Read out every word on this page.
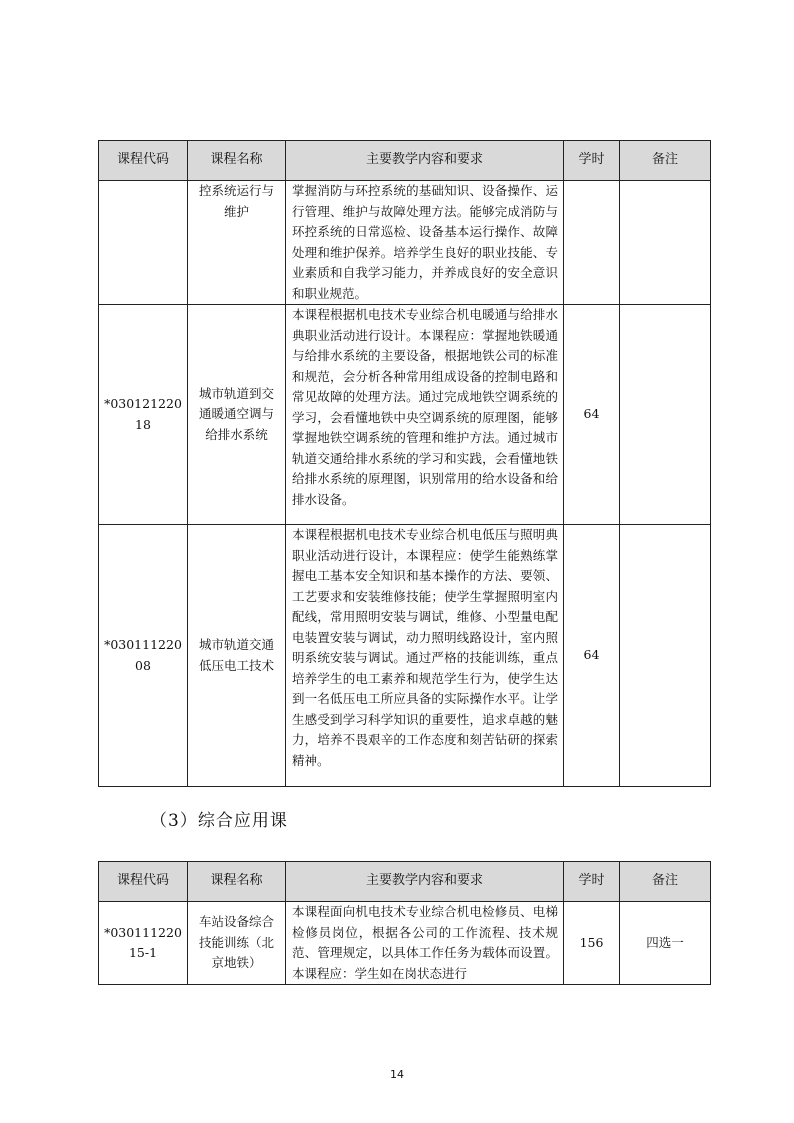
课程代码	课程名称	主要教学内容和要求	学时	备注
	控系统运行与维护	掌握消防与环控系统的基础知识、设备操作、运行管理、维护与故障处理方法。能够完成消防与环控系统的日常巡检、设备基本运行操作、故障处理和维护保养。培养学生良好的职业技能、专业素质和自我学习能力，并养成良好的安全意识和职业规范。		
*03012122018	城市轨道到交通暖通空调与给排水系统	本课程根据机电技术专业综合机电暖通与给排水典职业活动进行设计。本课程应：掌握地铁暖通与给排水系统的主要设备，根据地铁公司的标准和规范，会分析各种常用组成设备的控制电路和常见故障的处理方法。通过完成地铁空调系统的学习，会看懂地铁中央空调系统的原理图，能够掌握地铁空调系统的管理和维护方法。通过城市轨道交通给排水系统的学习和实践，会看懂地铁给排水系统的原理图，识别常用的给水设备和给排水设备。	64	
*03011122008	城市轨道交通低压电工技术	本课程根据机电技术专业综合机电低压与照明典职业活动进行设计，本课程应：使学生能熟练掌握电工基本安全知识和基本操作的方法、要领、工艺要求和安装维修技能；使学生掌握照明室内配线，常用照明安装与调试，维修、小型量电配电装置安装与调试，动力照明线路设计，室内照明系统安装与调试。通过严格的技能训练，重点培养学生的电工素养和规范学生行为，使学生达到一名低压电工所应具备的实际操作水平。让学生感受到学习科学知识的重要性，追求卓越的魅力，培养不畏艰辛的工作态度和刻苦钻研的探索精神。	64	
（3）综合应用课
课程代码	课程名称	主要教学内容和要求	学时	备注
*03011122015-1	车站设备综合技能训练（北京地铁）	本课程面向机电技术专业综合机电检修员、电梯检修员岗位，根据各公司的工作流程、技术规范、管理规定，以具体工作任务为载体而设置。本课程应：学生如在岗状态进行	156	四选一
14
